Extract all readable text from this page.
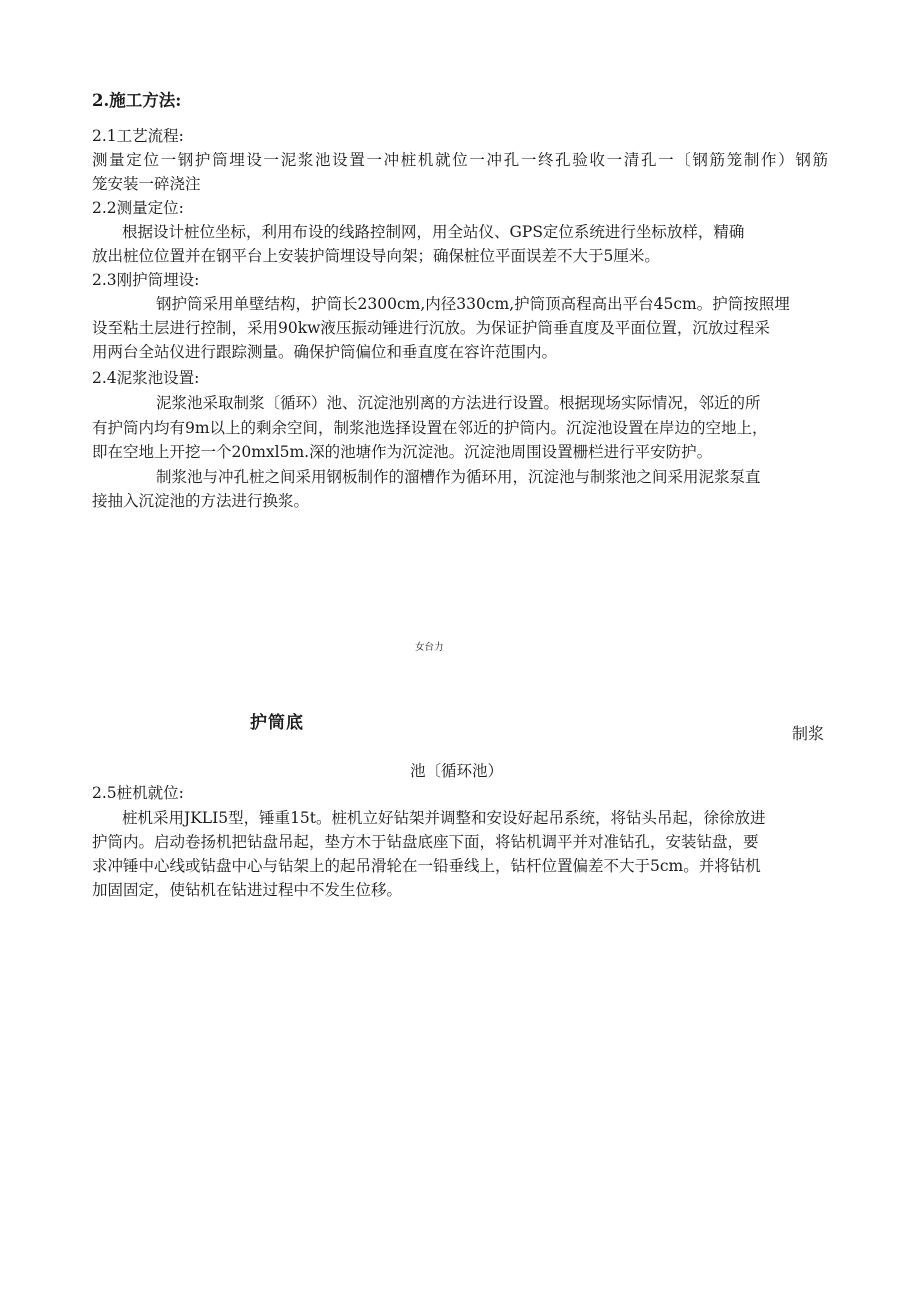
2.施工方法:
2.1工艺流程:
测量定位一钢护筒埋设一泥浆池设置一冲桩机就位一冲孔一终孔验收一清孔一〔钢筋笼制作）钢筋
笼安装一碎浇注
2.2测量定位:
根据设计桩位坐标，利用布设的线路控制网，用全站仪、GPS定位系统进行坐标放样，精确
放出桩位位置并在钢平台上安装护筒埋设导向架；确保桩位平面误差不大于5厘米。
2.3刚护筒埋设:
钢护筒采用单壁结构，护筒长2300cm,内径330cm,护筒顶高程高出平台45cm。护筒按照埋
设至粘土层进行控制，采用90kw液压振动锤进行沉放。为保证护筒垂直度及平面位置，沉放过程采
用两台全站仪进行跟踪测量。确保护筒偏位和垂直度在容许范围内。
2.4泥浆池设置:
泥浆池采取制浆〔循环）池、沉淀池别离的方法进行设置。根据现场实际情况，邻近的所
有护筒内均有9m以上的剩余空间，制浆池选择设置在邻近的护筒内。沉淀池设置在岸边的空地上，
即在空地上开挖一个20mxl5m.深的池塘作为沉淀池。沉淀池周围设置栅栏进行平安防护。
制浆池与冲孔桩之间采用钢板制作的溜槽作为循环用，沉淀池与制浆池之间采用泥浆泵直
接抽入沉淀池的方法进行换浆。
女台力
护筒底
制浆
池〔循环池）
2.5桩机就位:
桩机采用JKLI5型，锤重15t。桩机立好钻架并调整和安设好起吊系统，将钻头吊起，徐徐放进
护筒内。启动卷扬机把钻盘吊起，垫方木于钻盘底座下面，将钻机调平并对准钻孔，安装钻盘，要
求冲锤中心线或钻盘中心与钻架上的起吊滑轮在一铅垂线上，钻杆位置偏差不大于5cm。并将钻机
加固固定，使钻机在钻进过程中不发生位移。
